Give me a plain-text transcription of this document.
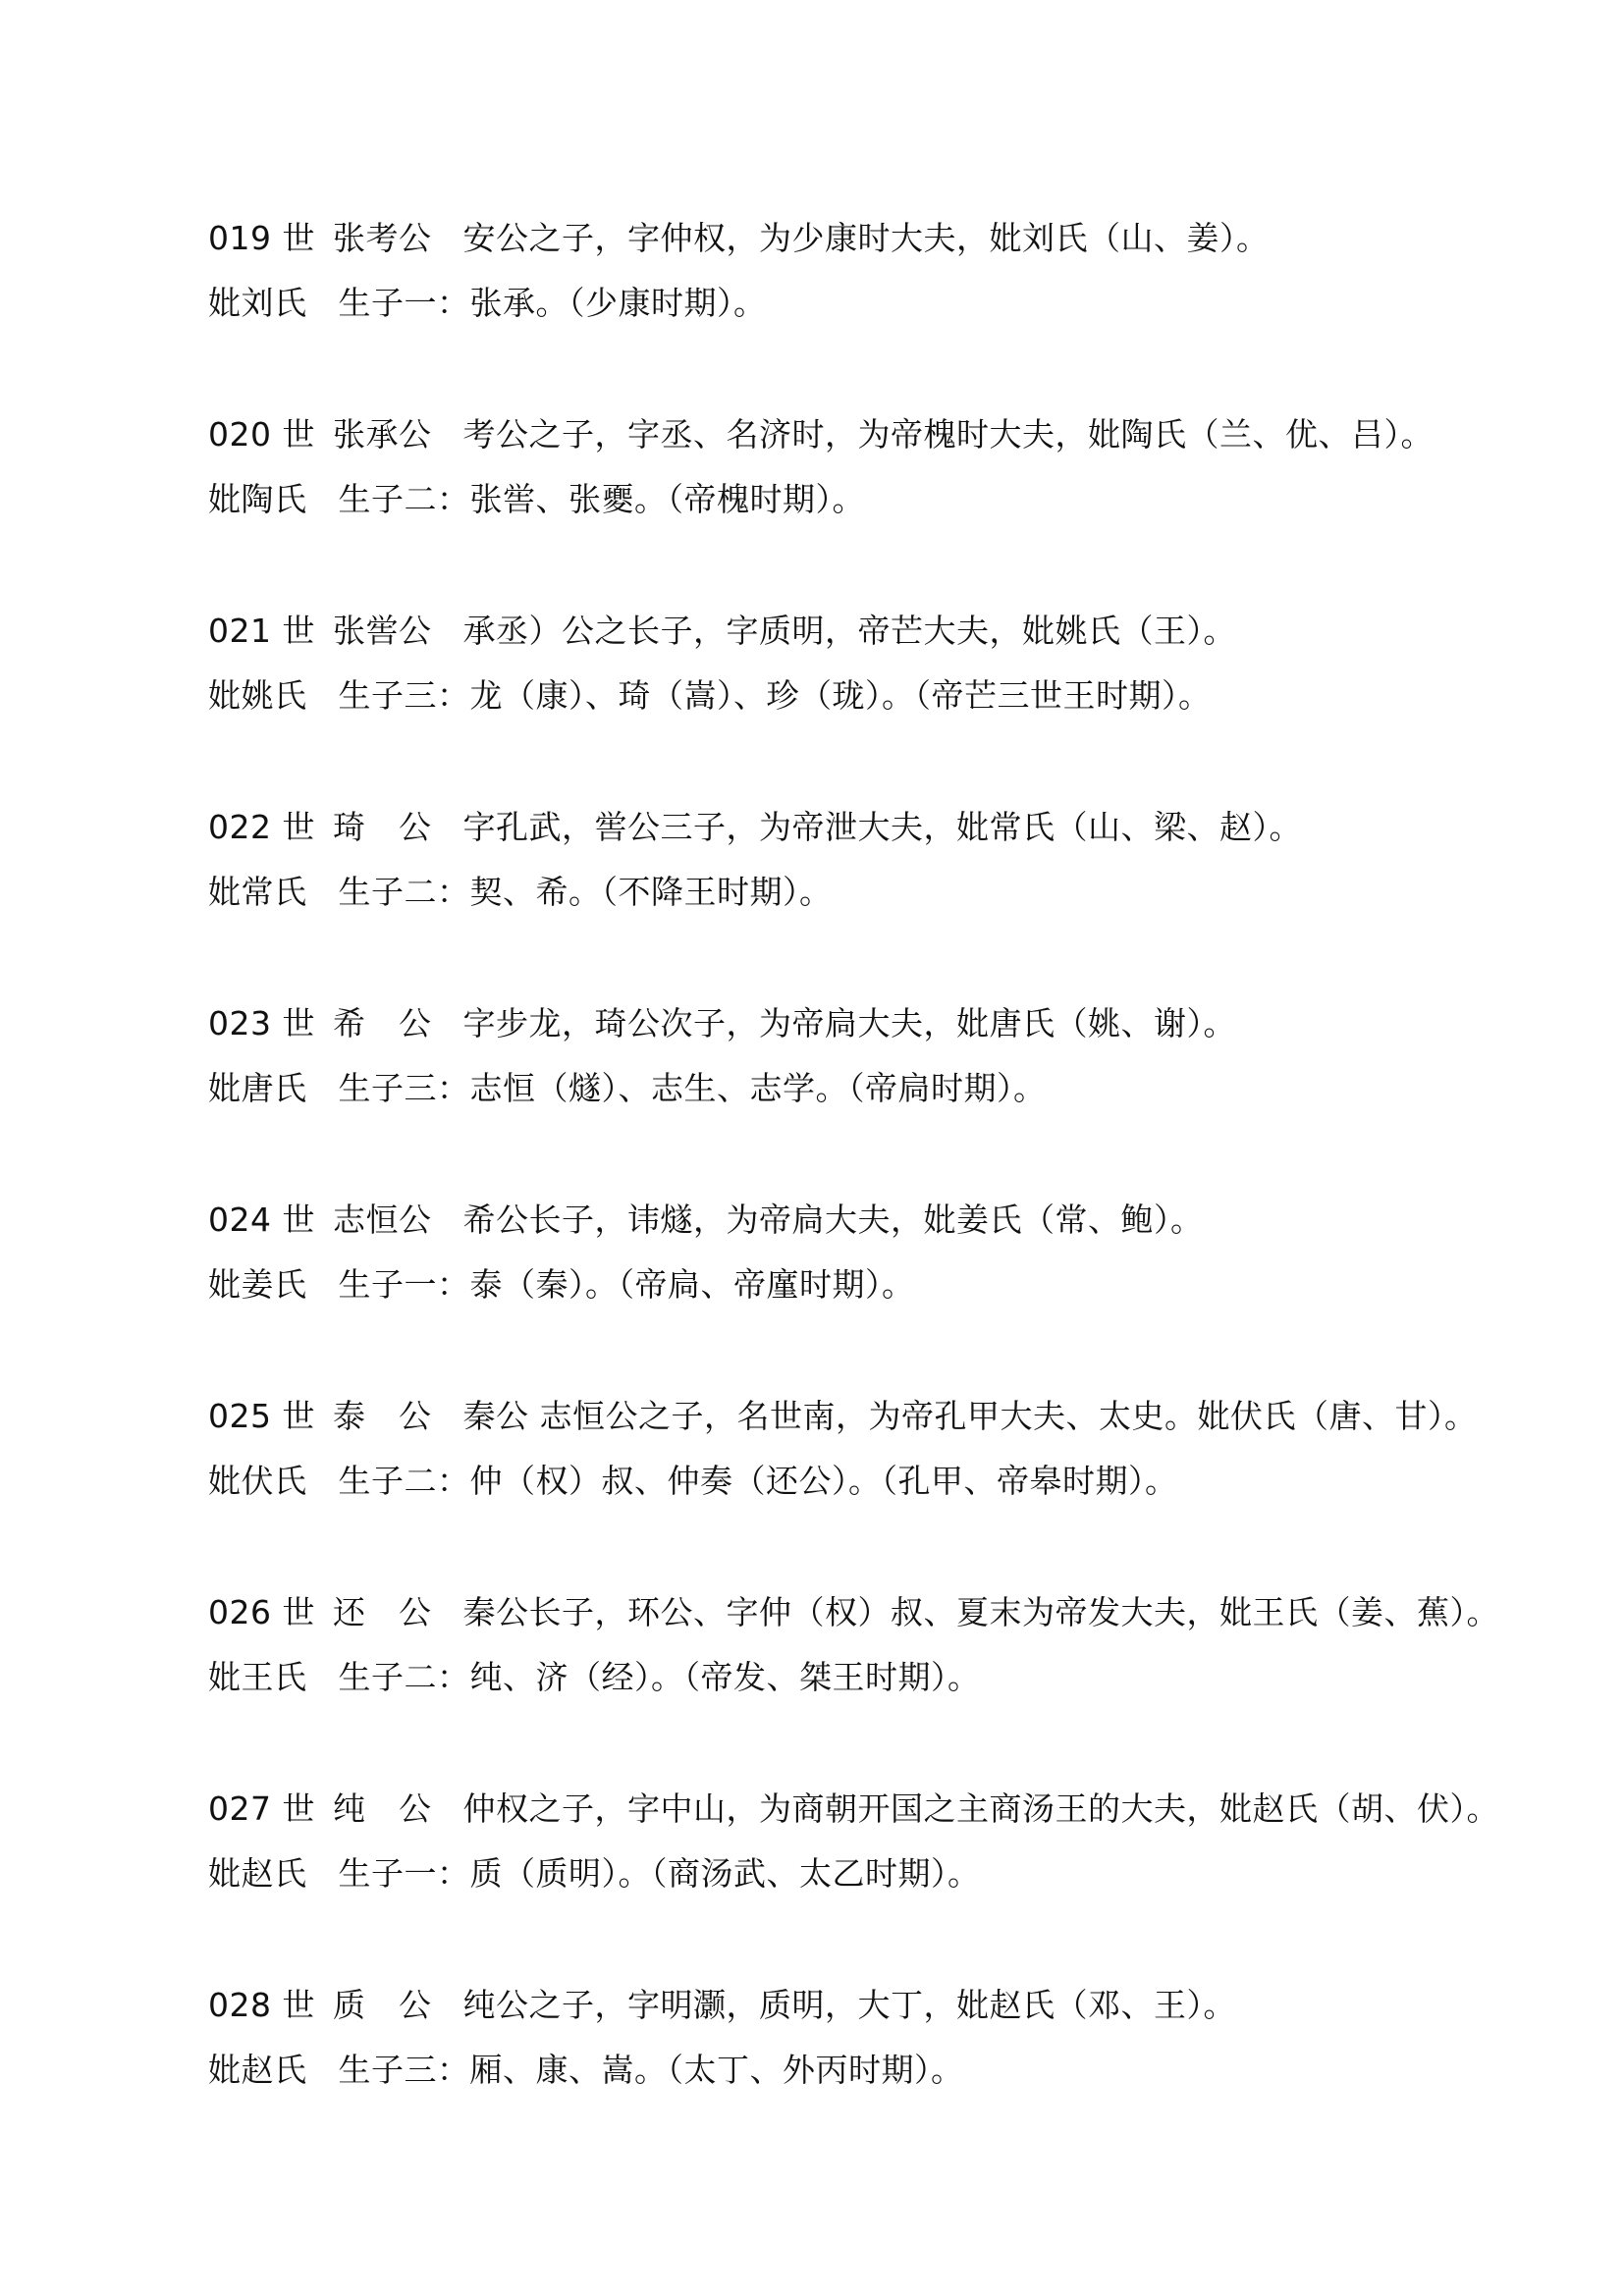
019 世 张考公 安公之子，字仲权，为少康时大夫，妣刘氏（山、姜）。
妣刘氏 生子一：张承。（少康时期）。
020 世 张承公 考公之子，字丞、名济时，为帝槐时大夫，妣陶氏（兰、优、吕）。
妣陶氏 生子二：张喾、张夒。（帝槐时期）。
021 世 张喾公 承丞）公之长子，字质明，帝芒大夫，妣姚氏（王）。
妣姚氏 生子三：龙（康）、琦（嵩）、珍（珑）。（帝芒三世王时期）。
022 世 琦　公 字孔武，喾公三子，为帝泄大夫，妣常氏（山、梁、赵）。
妣常氏 生子二：契、希。（不降王时期）。
023 世 希　公 字步龙，琦公次子，为帝扃大夫，妣唐氏（姚、谢）。
妣唐氏 生子三：志恒（燧）、志生、志学。（帝扃时期）。
024 世 志恒公 希公长子，讳燧，为帝扃大夫，妣姜氏（常、鲍）。
妣姜氏 生子一：泰（秦）。（帝扃、帝廑时期）。
025 世 泰　公 秦公 志恒公之子，名世南，为帝孔甲大夫、太史。妣伏氏（唐、甘）。
妣伏氏 生子二：仲（权）叔、仲奏（还公）。（孔甲、帝皋时期）。
026 世 还　公 秦公长子，环公、字仲（权）叔、夏末为帝发大夫，妣王氏（姜、蕉）。
妣王氏 生子二：纯、济（经）。（帝发、桀王时期）。
027 世 纯　公 仲权之子，字中山，为商朝开国之主商汤王的大夫，妣赵氏（胡、伏）。
妣赵氏 生子一：质（质明）。（商汤武、太乙时期）。
028 世 质　公 纯公之子，字明灏，质明，大丁，妣赵氏（邓、王）。
妣赵氏 生子三：厢、康、嵩。（太丁、外丙时期）。
